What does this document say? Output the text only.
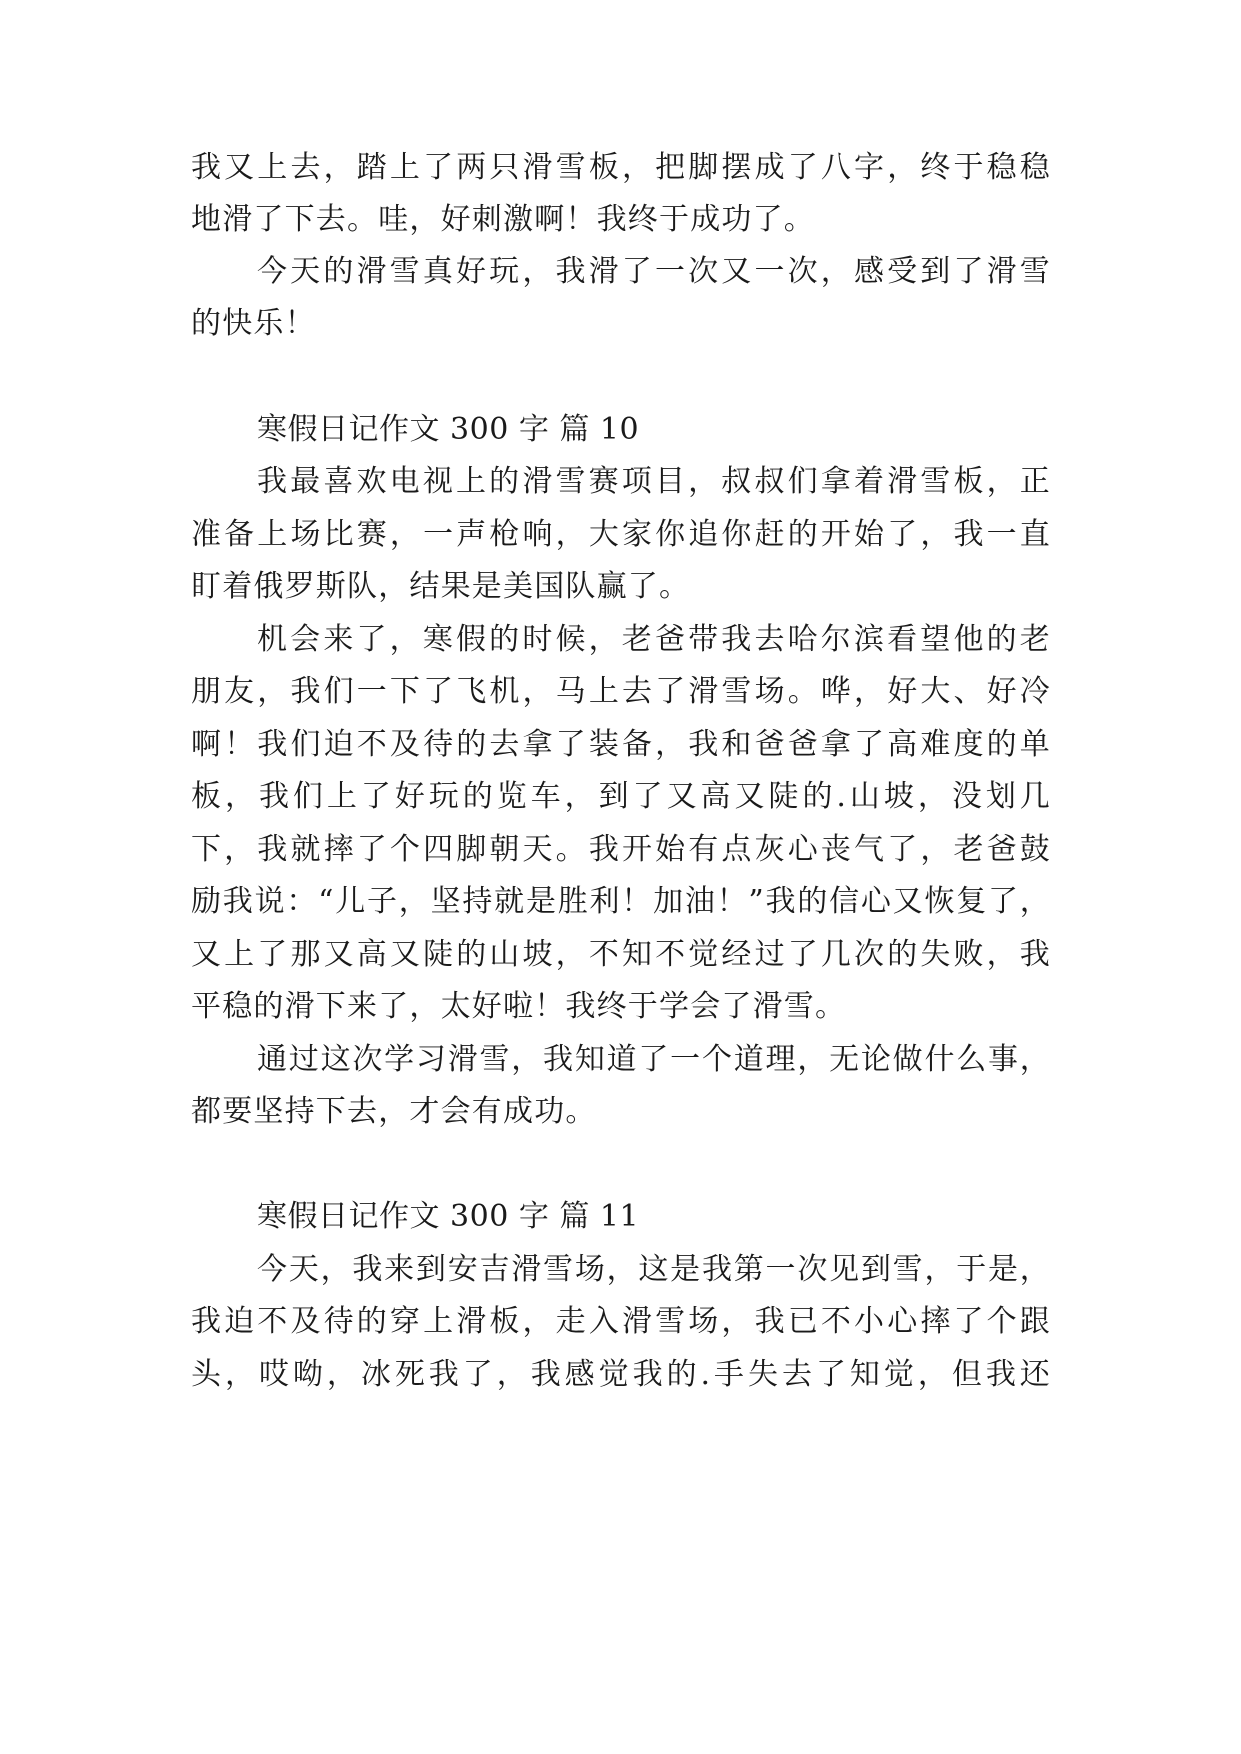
我又上去，踏上了两只滑雪板，把脚摆成了八字，终于稳稳
地滑了下去。哇，好刺激啊！我终于成功了。
今天的滑雪真好玩，我滑了一次又一次，感受到了滑雪
的快乐！
寒假日记作文 300 字 篇 10
我最喜欢电视上的滑雪赛项目，叔叔们拿着滑雪板，正
准备上场比赛，一声枪响，大家你追你赶的开始了，我一直
盯着俄罗斯队，结果是美国队赢了。
机会来了，寒假的时候，老爸带我去哈尔滨看望他的老
朋友，我们一下了飞机，马上去了滑雪场。哗，好大、好冷
啊！我们迫不及待的去拿了装备，我和爸爸拿了高难度的单
板，我们上了好玩的览车，到了又高又陡的.山坡，没划几
下，我就摔了个四脚朝天。我开始有点灰心丧气了，老爸鼓
励我说：“儿子，坚持就是胜利！加油！”我的信心又恢复了，
又上了那又高又陡的山坡，不知不觉经过了几次的失败，我
平稳的滑下来了，太好啦！我终于学会了滑雪。
通过这次学习滑雪，我知道了一个道理，无论做什么事，
都要坚持下去，才会有成功。
寒假日记作文 300 字 篇 11
今天，我来到安吉滑雪场，这是我第一次见到雪，于是，
我迫不及待的穿上滑板，走入滑雪场，我已不小心摔了个跟
头，哎呦，冰死我了，我感觉我的.手失去了知觉，但我还
